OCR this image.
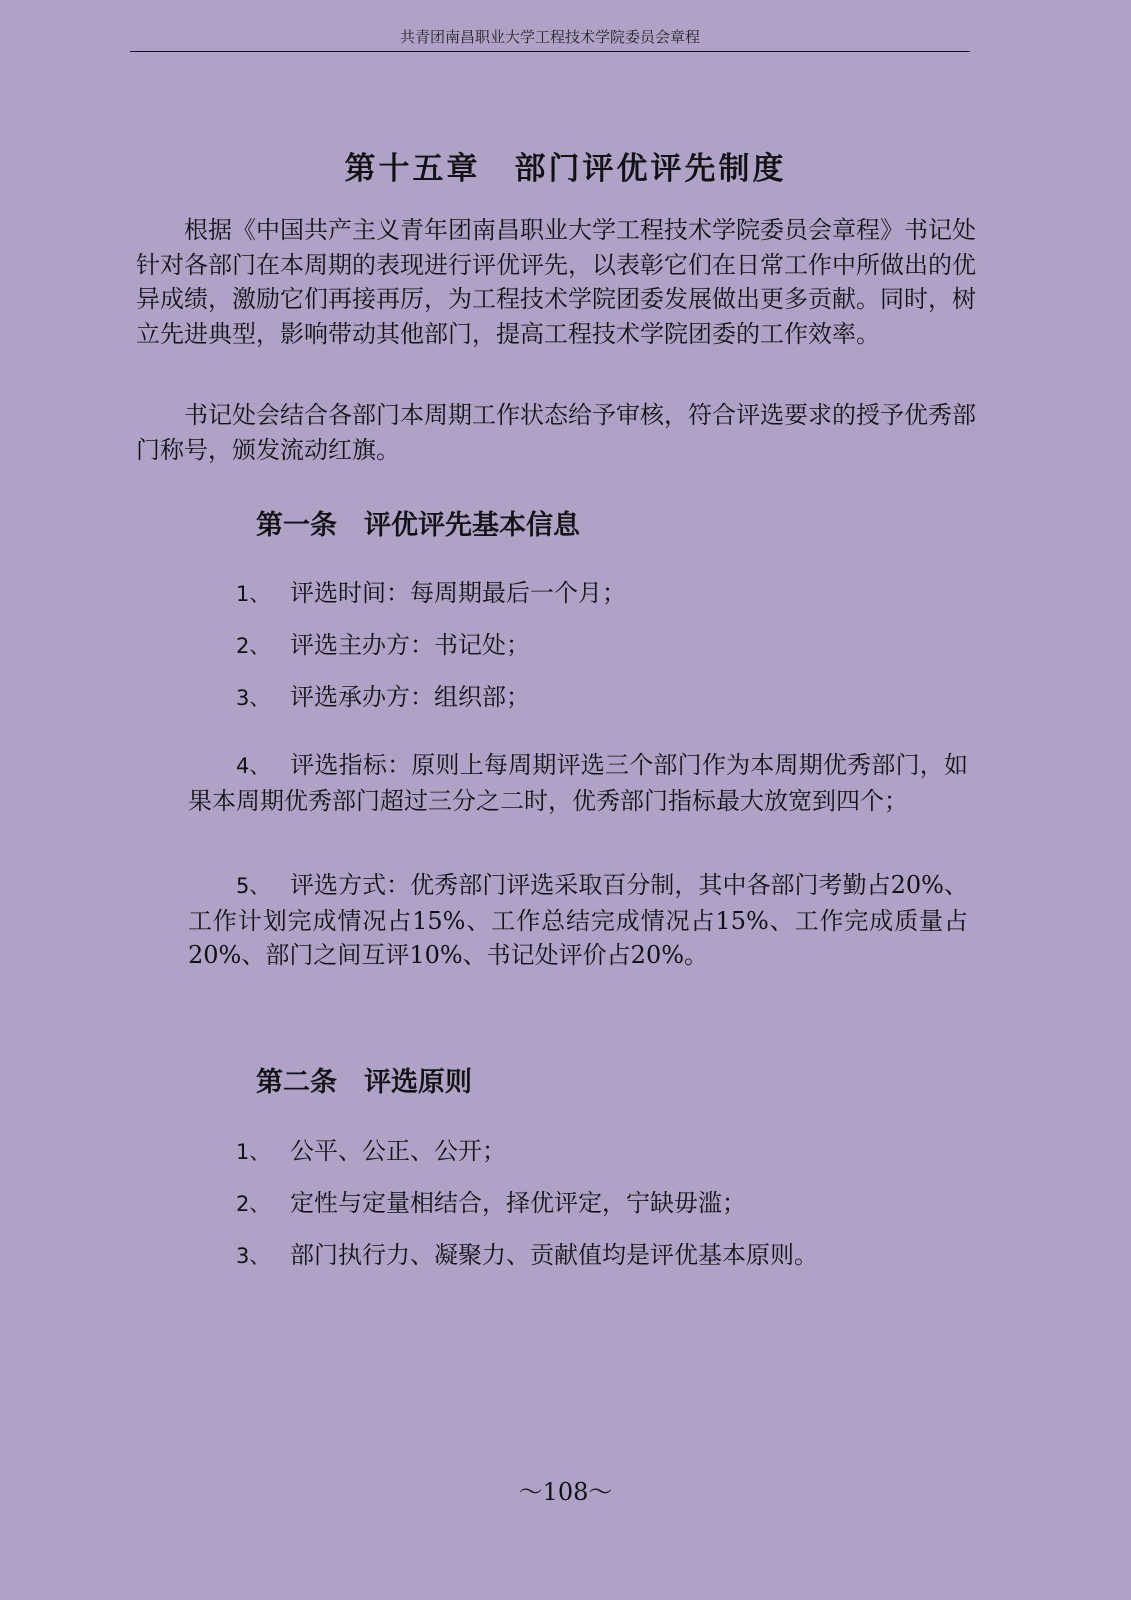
共青团南昌职业大学工程技术学院委员会章程
第十五章　部门评优评先制度

根据《中国共产主义青年团南昌职业大学工程技术学院委员会章程》书记处针对各部门在本周期的表现进行评优评先，以表彰它们在日常工作中所做出的优异成绩，激励它们再接再厉，为工程技术学院团委发展做出更多贡献。同时，树立先进典型，影响带动其他部门，提高工程技术学院团委的工作效率。

书记处会结合各部门本周期工作状态给予审核，符合评选要求的授予优秀部门称号，颁发流动红旗。

第一条　评优评先基本信息

1、 评选时间：每周期最后一个月；

2、 评选主办方：书记处；

3、 评选承办方：组织部；

4、 评选指标：原则上每周期评选三个部门作为本周期优秀部门，如果本周期优秀部门超过三分之二时，优秀部门指标最大放宽到四个；

5、 评选方式：优秀部门评选采取百分制，其中各部门考勤占20%、工作计划完成情况占15%、工作总结完成情况占15%、工作完成质量占20%、部门之间互评10%、书记处评价占20%。

第二条　评选原则

1、 公平、公正、公开；

2、 定性与定量相结合，择优评定，宁缺毋滥；

3、 部门执行力、凝聚力、贡献值均是评优基本原则。

～108～
